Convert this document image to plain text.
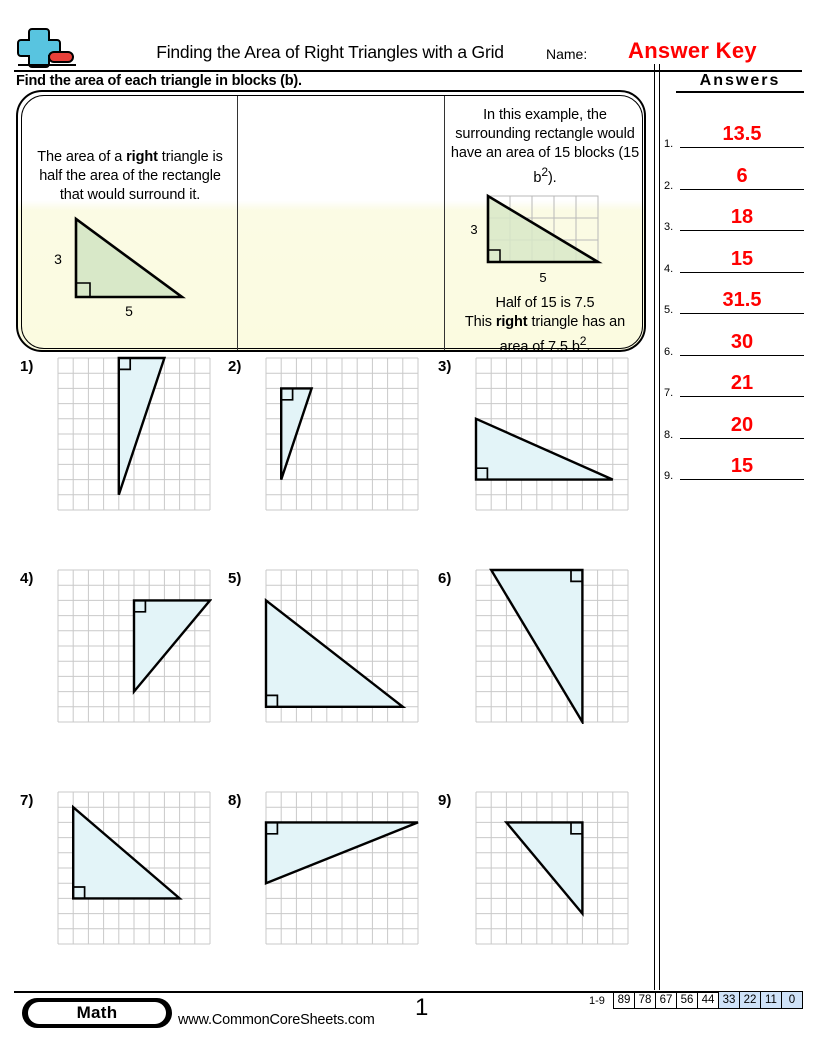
Finding the Area of Right Triangles with a Grid	Name: Answer Key
Find the area of each triangle in blocks (b).	Answers
The area of a right triangle is half the area of the rectangle that would surround it.
3
5
In this example, the surrounding rectangle would have an area of 15 blocks (15 $b^2$).
3
5
Half of 15 is 7.5
This right triangle has an
area of 7.5 $b^2$.
1)	2)	3)
4)	5)	6)
7)	8)	9)
1.	13.5
2.	6
3.	18
4.	15
5.	31.5
6.	30
7.	21
8.	20
9.	15
Math	www.CommonCoreSheets.com 1	1-9 89	78	67	56	44	33	22	11	0
